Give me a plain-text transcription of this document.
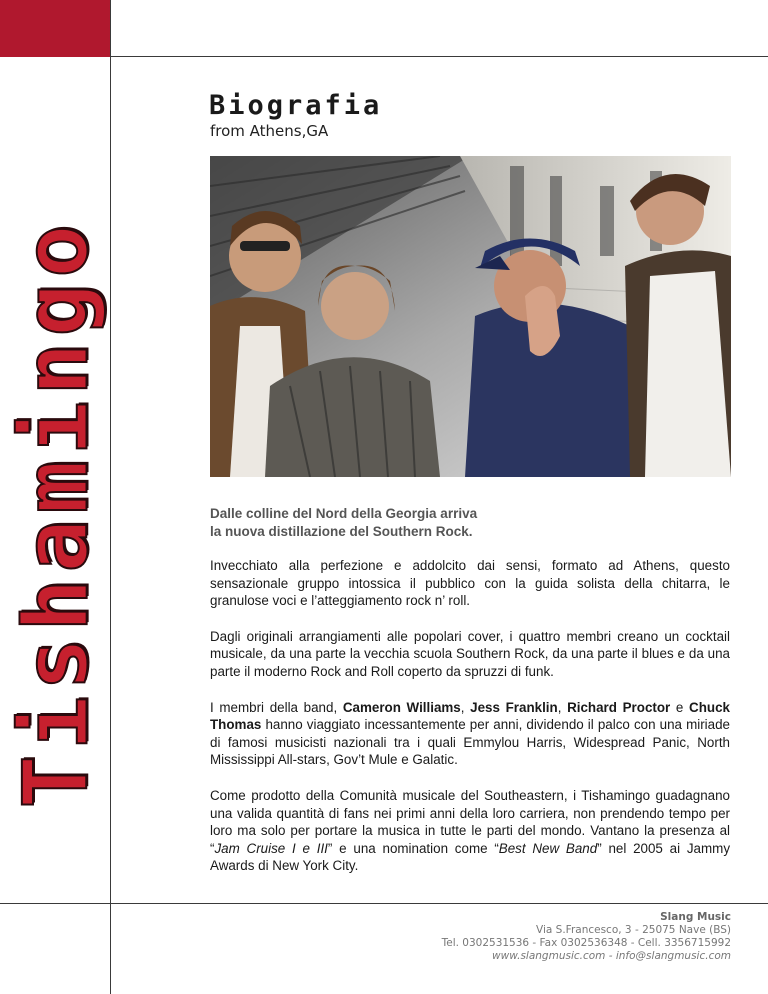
Tishamingo
Biografia
from Athens,GA

Dalle colline del Nord della Georgia arriva
la nuova distillazione del Southern Rock.

Invecchiato alla perfezione e addolcito dai sensi, formato ad Athens, questo sensazionale gruppo intossica il pubblico con la guida solista della chitarra, le granulose voci e l’atteggiamento rock n’ roll.

Dagli originali arrangiamenti alle popolari cover, i quattro membri creano un cocktail musicale, da una parte la vecchia scuola Southern Rock, da una parte il blues e da una parte il moderno Rock and Roll coperto da spruzzi di funk.

I membri della band, Cameron Williams, Jess Franklin, Richard Proctor e Chuck Thomas hanno viaggiato incessantemente per anni, dividendo il palco con una miriade di famosi musicisti nazionali tra i quali Emmylou Harris, Widespread Panic, North Mississippi All-stars, Gov’t Mule e Galatic.

Come prodotto della Comunità musicale del Southeastern, i Tishamingo guadagnano una valida quantità di fans nei primi anni della loro carriera, non prendendo tempo per loro ma solo per portare la musica in tutte le parti del mondo. Vantano la presenza al “Jam Cruise I e III” e una nomination come “Best New Band” nel 2005 ai Jammy Awards di New York City.

Slang Music
Via S.Francesco, 3 - 25075 Nave (BS)
Tel. 0302531536 - Fax 0302536348 - Cell. 3356715992
www.slangmusic.com - info@slangmusic.com
